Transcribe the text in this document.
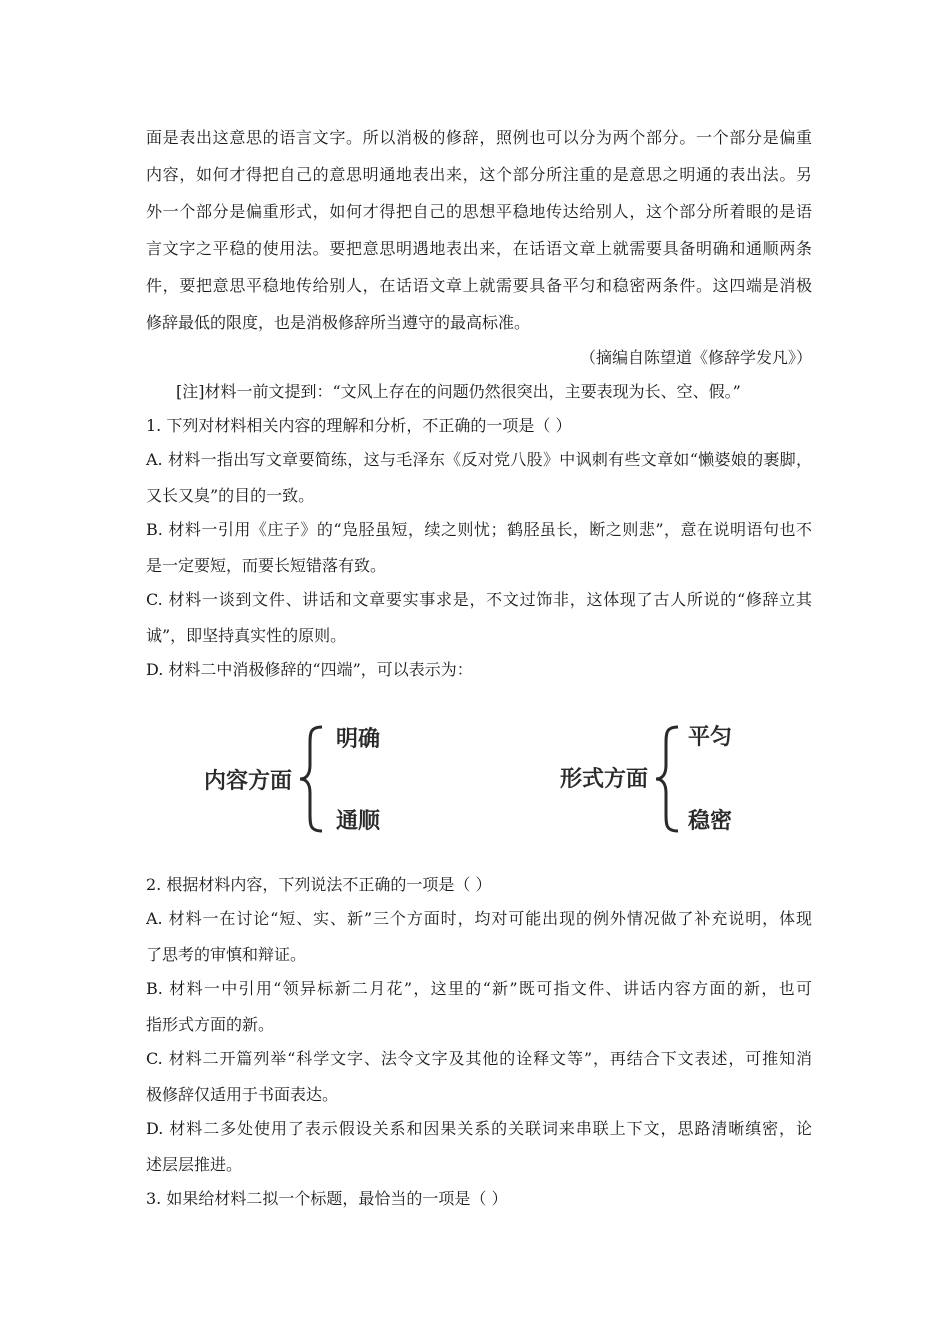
面是表出这意思的语言文字。所以消极的修辞，照例也可以分为两个部分。一个部分是偏重
内容，如何才得把自己的意思明通地表出来，这个部分所注重的是意思之明通的表出法。另
外一个部分是偏重形式，如何才得把自己的思想平稳地传达给别人，这个部分所着眼的是语
言文字之平稳的使用法。要把意思明遇地表出来，在话语文章上就需要具备明确和通顺两条
件，要把意思平稳地传给别人，在话语文章上就需要具备平匀和稳密两条件。这四端是消极
修辞最低的限度，也是消极修辞所当遵守的最高标准。
（摘编自陈望道《修辞学发凡》）
[注]材料一前文提到：“文风上存在的问题仍然很突出，主要表现为长、空、假。”
1. 下列对材料相关内容的理解和分析，不正确的一项是（ ）
A. 材料一指出写文章要简练，这与毛泽东《反对党八股》中讽刺有些文章如“懒婆娘的裹脚，
又长又臭”的目的一致。
B. 材料一引用《庄子》的“凫胫虽短，续之则忧；鹤胫虽长，断之则悲”，意在说明语句也不
是一定要短，而要长短错落有致。
C. 材料一谈到文件、讲话和文章要实事求是，不文过饰非，这体现了古人所说的“修辞立其
诚”，即坚持真实性的原则。
D. 材料二中消极修辞的“四端”，可以表示为：
内容方面
明确
通顺
形式方面
平匀
稳密
2. 根据材料内容，下列说法不正确的一项是（ ）
A. 材料一在讨论“短、实、新”三个方面时，均对可能出现的例外情况做了补充说明，体现
了思考的审慎和辩证。
B. 材料一中引用“领异标新二月花”，这里的“新”既可指文件、讲话内容方面的新，也可
指形式方面的新。
C. 材料二开篇列举“科学文字、法令文字及其他的诠释文等”，再结合下文表述，可推知消
极修辞仅适用于书面表达。
D. 材料二多处使用了表示假设关系和因果关系的关联词来串联上下文，思路清晰缜密，论
述层层推进。
3. 如果给材料二拟一个标题，最恰当的一项是（ ）
